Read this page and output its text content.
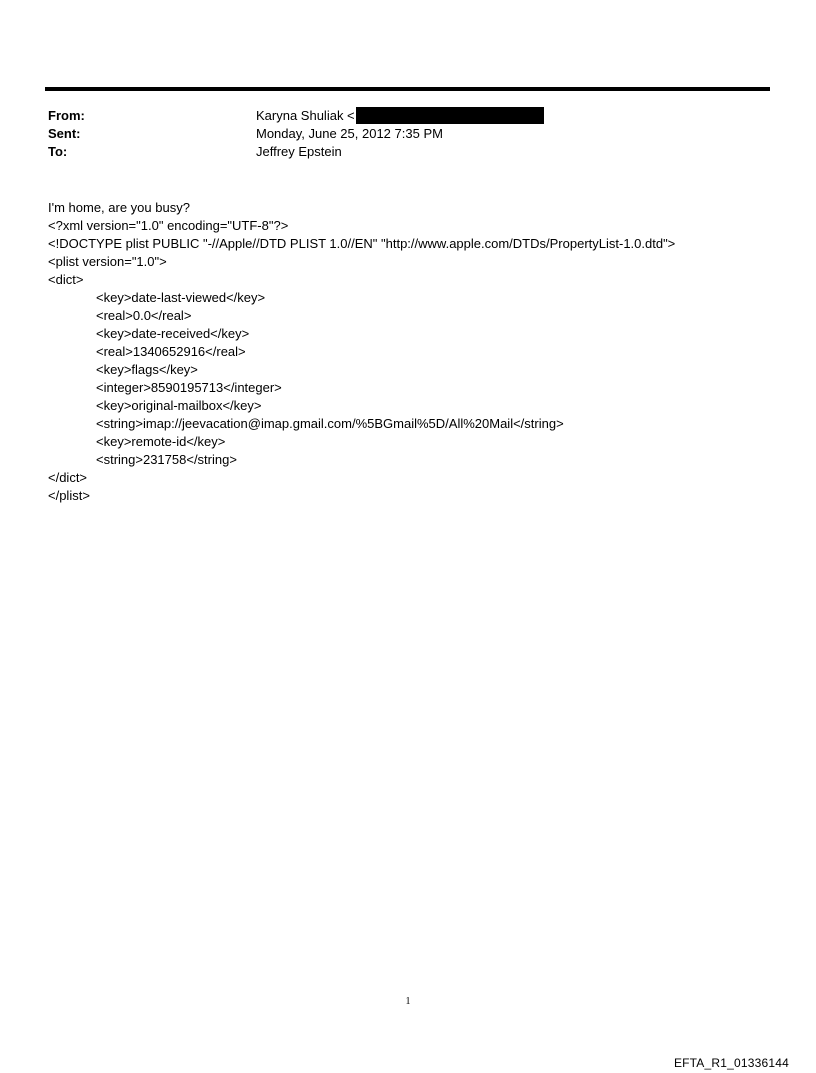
From:	Karyna Shuliak <
Sent:	Monday, June 25, 2012 7:35 PM
To:	Jeffrey Epstein
I'm home, are you busy?
<?xml version="1.0" encoding="UTF-8"?>
<!DOCTYPE plist PUBLIC "-//Apple//DTD PLIST 1.0//EN" "http://www.apple.com/DTDs/PropertyList-1.0.dtd">
<plist version="1.0">
<dict>
<key>date-last-viewed</key>
<real>0.0</real>
<key>date-received</key>
<real>1340652916</real>
<key>flags</key>
<integer>8590195713</integer>
<key>original-mailbox</key>
<string>imap://jeevacation@imap.gmail.com/%5BGmail%5D/All%20Mail</string>
<key>remote-id</key>
<string>231758</string>
</dict>
</plist>
1
EFTA_R1_01336144
